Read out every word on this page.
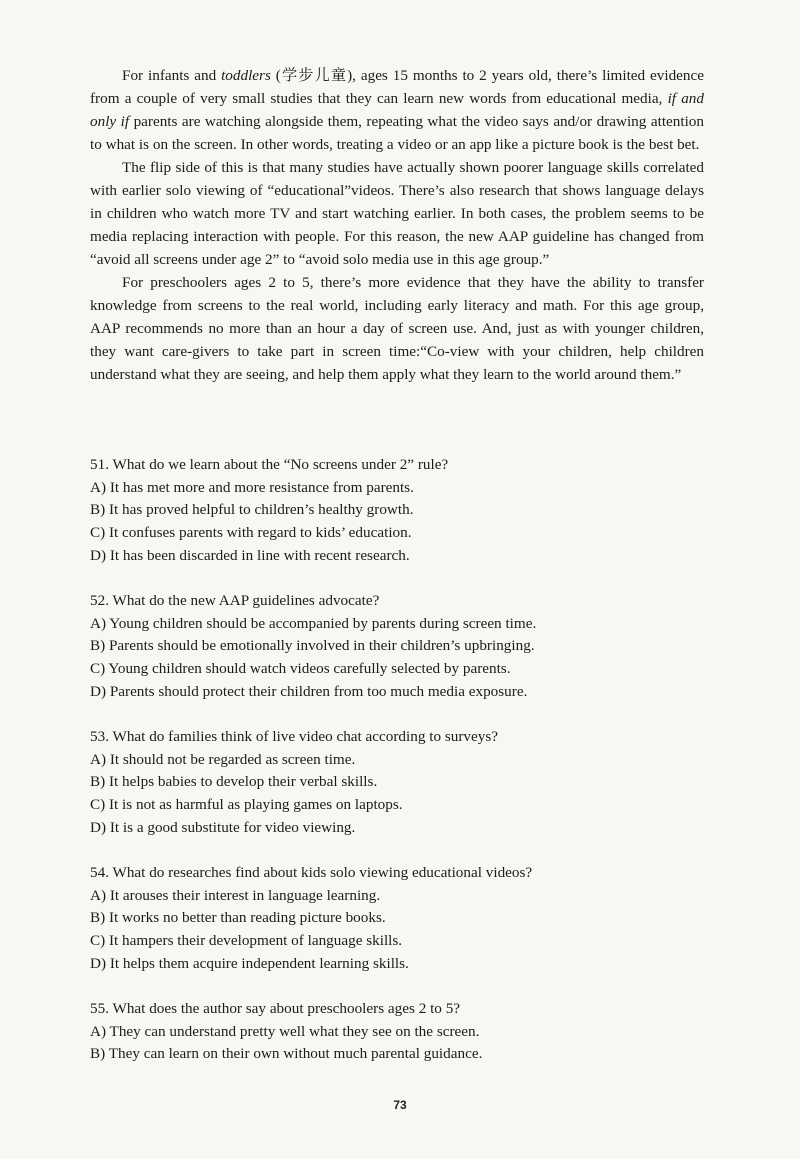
For infants and toddlers (学步儿童), ages 15 months to 2 years old, there’s limited evidence from a couple of very small studies that they can learn new words from educational media, if and only if parents are watching alongside them, repeating what the video says and/or drawing attention to what is on the screen. In other words, treating a video or an app like a picture book is the best bet.

The flip side of this is that many studies have actually shown poorer language skills correlated with earlier solo viewing of “educational”videos. There’s also research that shows language delays in children who watch more TV and start watching earlier. In both cases, the problem seems to be media replacing interaction with people. For this reason, the new AAP guideline has changed from “avoid all screens under age 2” to “avoid solo media use in this age group.”

For preschoolers ages 2 to 5, there’s more evidence that they have the ability to transfer knowledge from screens to the real world, including early literacy and math. For this age group, AAP recommends no more than an hour a day of screen use. And, just as with younger children, they want care-givers to take part in screen time:“Co-view with your children, help children understand what they are seeing, and help them apply what they learn to the world around them.”

51. What do we learn about the “No screens under 2” rule?
A) It has met more and more resistance from parents.
B) It has proved helpful to children’s healthy growth.
C) It confuses parents with regard to kids’ education.
D) It has been discarded in line with recent research.
52. What do the new AAP guidelines advocate?
A) Young children should be accompanied by parents during screen time.
B) Parents should be emotionally involved in their children’s upbringing.
C) Young children should watch videos carefully selected by parents.
D) Parents should protect their children from too much media exposure.
53. What do families think of live video chat according to surveys?
A) It should not be regarded as screen time.
B) It helps babies to develop their verbal skills.
C) It is not as harmful as playing games on laptops.
D) It is a good substitute for video viewing.
54. What do researches find about kids solo viewing educational videos?
A) It arouses their interest in language learning.
B) It works no better than reading picture books.
C) It hampers their development of language skills.
D) It helps them acquire independent learning skills.
55. What does the author say about preschoolers ages 2 to 5?
A) They can understand pretty well what they see on the screen.
B) They can learn on their own without much parental guidance.
73
